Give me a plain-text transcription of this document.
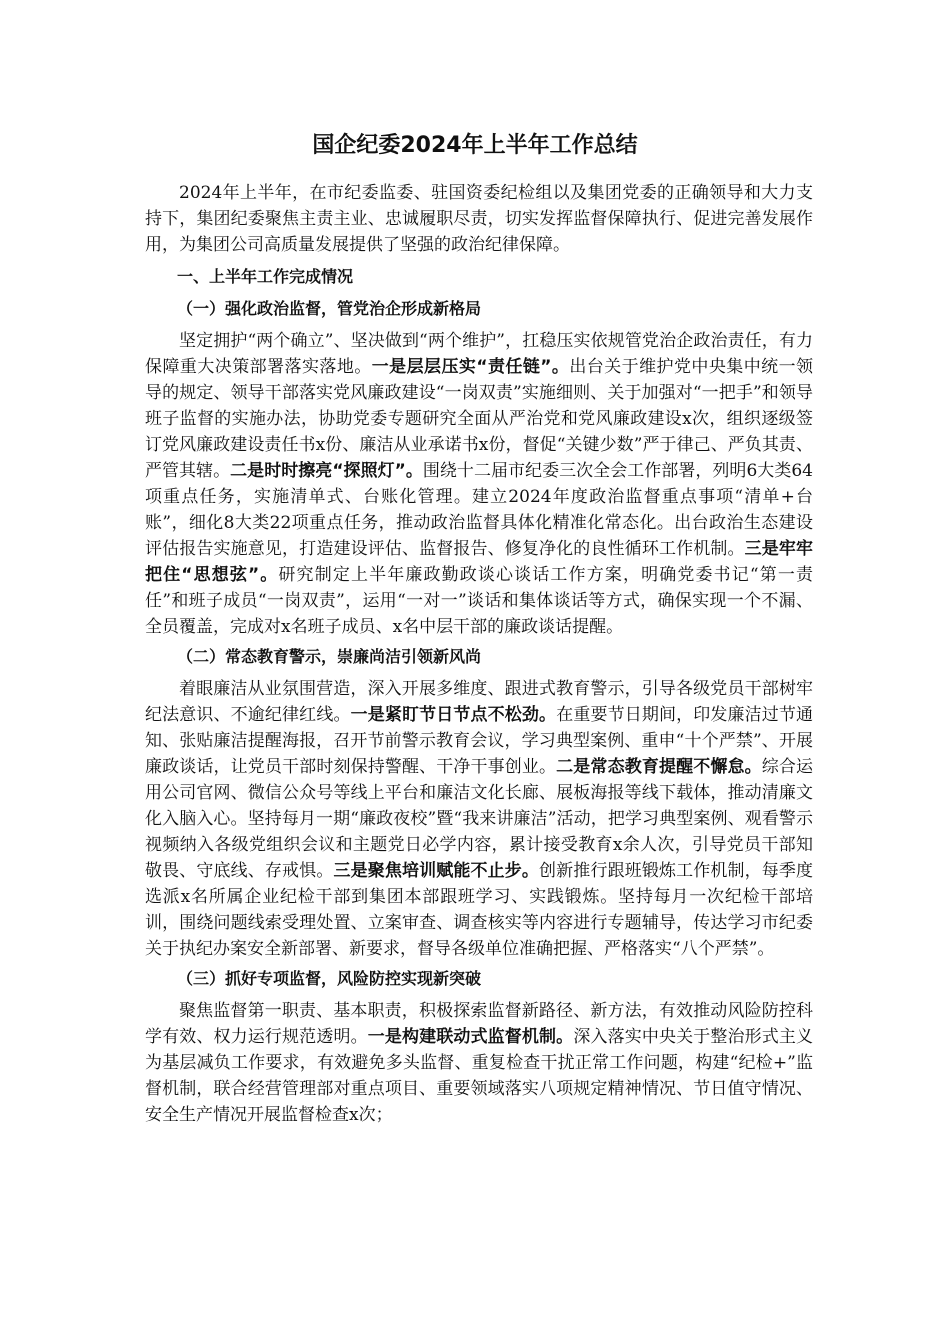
国企纪委2024年上半年工作总结

2024年上半年，在市纪委监委、驻国资委纪检组以及集团党委的正确领导和大力支持下，集团纪委聚焦主责主业、忠诚履职尽责，切实发挥监督保障执行、促进完善发展作用，为集团公司高质量发展提供了坚强的政治纪律保障。

一、上半年工作完成情况

（一）强化政治监督，管党治企形成新格局

坚定拥护“两个确立”、坚决做到“两个维护”，扛稳压实依规管党治企政治责任，有力保障重大决策部署落实落地。一是层层压实“责任链”。出台关于维护党中央集中统一领导的规定、领导干部落实党风廉政建设“一岗双责”实施细则、关于加强对“一把手”和领导班子监督的实施办法，协助党委专题研究全面从严治党和党风廉政建设x次，组织逐级签订党风廉政建设责任书x份、廉洁从业承诺书x份，督促“关键少数”严于律己、严负其责、严管其辖。二是时时擦亮“探照灯”。围绕十二届市纪委三次全会工作部署，列明6大类64项重点任务，实施清单式、台账化管理。建立2024年度政治监督重点事项“清单+台账”，细化8大类22项重点任务，推动政治监督具体化精准化常态化。出台政治生态建设评估报告实施意见，打造建设评估、监督报告、修复净化的良性循环工作机制。三是牢牢把住“思想弦”。研究制定上半年廉政勤政谈心谈话工作方案，明确党委书记“第一责任”和班子成员“一岗双责”，运用“一对一”谈话和集体谈话等方式，确保实现一个不漏、全员覆盖，完成对x名班子成员、x名中层干部的廉政谈话提醒。

（二）常态教育警示，崇廉尚洁引领新风尚

着眼廉洁从业氛围营造，深入开展多维度、跟进式教育警示，引导各级党员干部树牢纪法意识、不逾纪律红线。一是紧盯节日节点不松劲。在重要节日期间，印发廉洁过节通知、张贴廉洁提醒海报，召开节前警示教育会议，学习典型案例、重申“十个严禁”、开展廉政谈话，让党员干部时刻保持警醒、干净干事创业。二是常态教育提醒不懈怠。综合运用公司官网、微信公众号等线上平台和廉洁文化长廊、展板海报等线下载体，推动清廉文化入脑入心。坚持每月一期“廉政夜校”暨“我来讲廉洁”活动，把学习典型案例、观看警示视频纳入各级党组织会议和主题党日必学内容，累计接受教育x余人次，引导党员干部知敬畏、守底线、存戒惧。三是聚焦培训赋能不止步。创新推行跟班锻炼工作机制，每季度选派x名所属企业纪检干部到集团本部跟班学习、实践锻炼。坚持每月一次纪检干部培训，围绕问题线索受理处置、立案审查、调查核实等内容进行专题辅导，传达学习市纪委关于执纪办案安全新部署、新要求，督导各级单位准确把握、严格落实“八个严禁”。

（三）抓好专项监督，风险防控实现新突破

聚焦监督第一职责、基本职责，积极探索监督新路径、新方法，有效推动风险防控科学有效、权力运行规范透明。一是构建联动式监督机制。深入落实中央关于整治形式主义为基层减负工作要求，有效避免多头监督、重复检查干扰正常工作问题，构建“纪检+”监督机制，联合经营管理部对重点项目、重要领域落实八项规定精神情况、节日值守情况、安全生产情况开展监督检查x次；
